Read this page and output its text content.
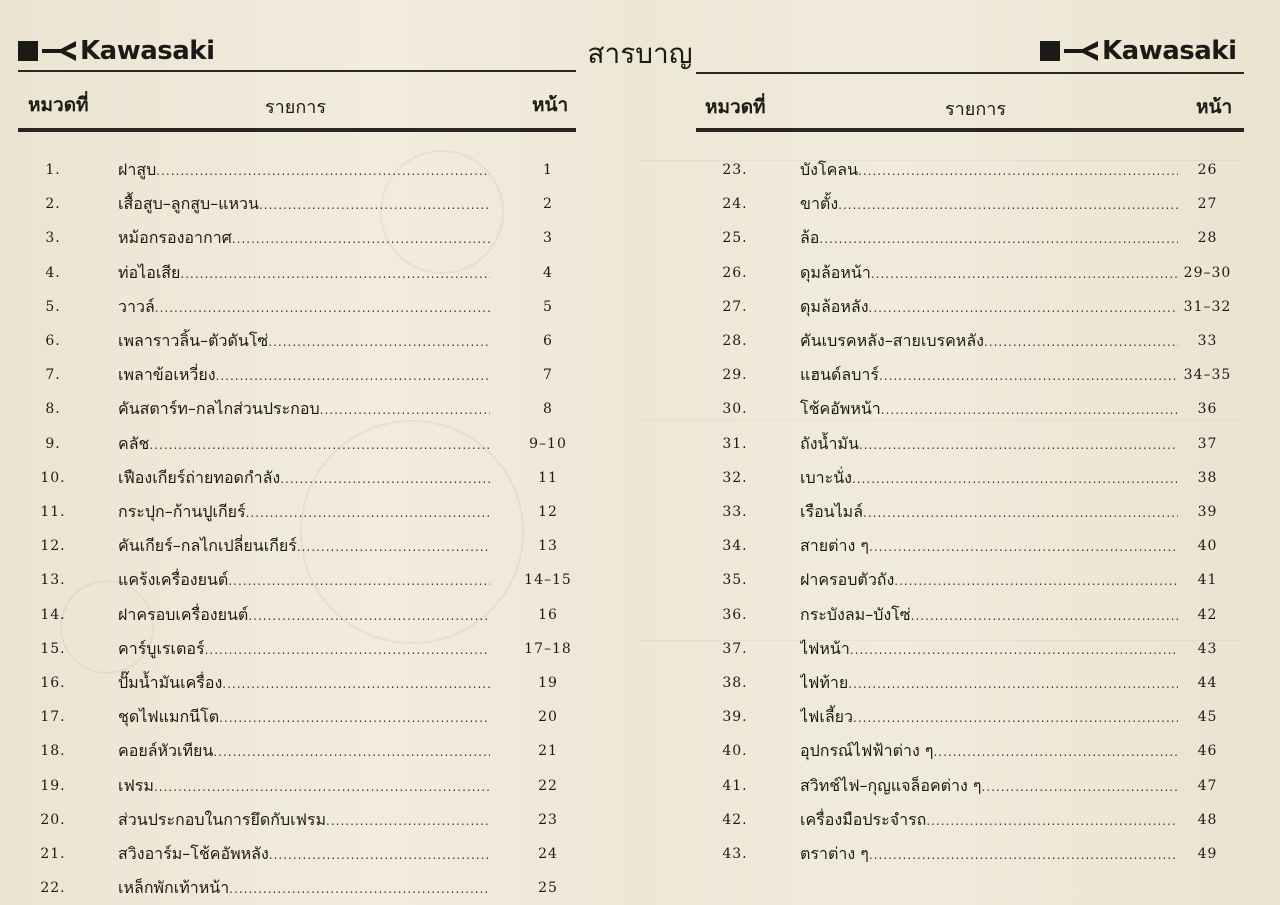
Kawasaki	Kawasaki
สารบาญ
หมวดที่	รายการ	หน้า	หมวดที่	รายการ	หน้า
1.	ฝาสูบ .....	1
2.	เสื้อสูบ–ลูกสูบ–แหวน .....	2
3.	หม้อกรองอากาศ .....	3
4.	ท่อไอเสีย .....	4
5.	วาวล์ .....	5
6.	เพลาราวลิ้น–ตัวดันโซ่ .....	6
7.	เพลาข้อเหวี่ยง .....	7
8.	คันสตาร์ท–กลไกส่วนประกอบ .....	8
9.	คลัช .....	9–10
10.	เฟืองเกียร์ถ่ายทอดกำลัง .....	11
11.	กระปุก–ก้านปูเกียร์ .....	12
12.	คันเกียร์–กลไกเปลี่ยนเกียร์ .....	13
13.	แคร้งเครื่องยนต์ .....	14–15
14.	ฝาครอบเครื่องยนต์ .....	16
15.	คาร์บูเรเตอร์ .....	17–18
16.	ปั๊มน้ำมันเครื่อง .....	19
17.	ชุดไฟแมกนีโต .....	20
18.	คอยล์หัวเทียน .....	21
19.	เฟรม .....	22
20.	ส่วนประกอบในการยึดกับเฟรม .....	23
21.	สวิงอาร์ม–โช้คอัพหลัง .....	24
22.	เหล็กพักเท้าหน้า .....	25
23.	บังโคลน .....	26
24.	ขาตั้ง .....	27
25.	ล้อ .....	28
26.	ดุมล้อหน้า .....	29–30
27.	ดุมล้อหลัง .....	31–32
28.	คันเบรคหลัง–สายเบรคหลัง .....	33
29.	แฮนด์ลบาร์ .....	34–35
30.	โช้คอัพหน้า .....	36
31.	ถังน้ำมัน .....	37
32.	เบาะนั่ง .....	38
33.	เรือนไมล์ .....	39
34.	สายต่าง ๆ .....	40
35.	ฝาครอบตัวถัง .....	41
36.	กระบังลม–บังโซ่ .....	42
37.	ไฟหน้า .....	43
38.	ไฟท้าย .....	44
39.	ไฟเลี้ยว .....	45
40.	อุปกรณ์ไฟฟ้าต่าง ๆ .....	46
41.	สวิทช์ไฟ–กุญแจล็อคต่าง ๆ .....	47
42.	เครื่องมือประจำรถ .....	48
43.	ตราต่าง ๆ .....	49
